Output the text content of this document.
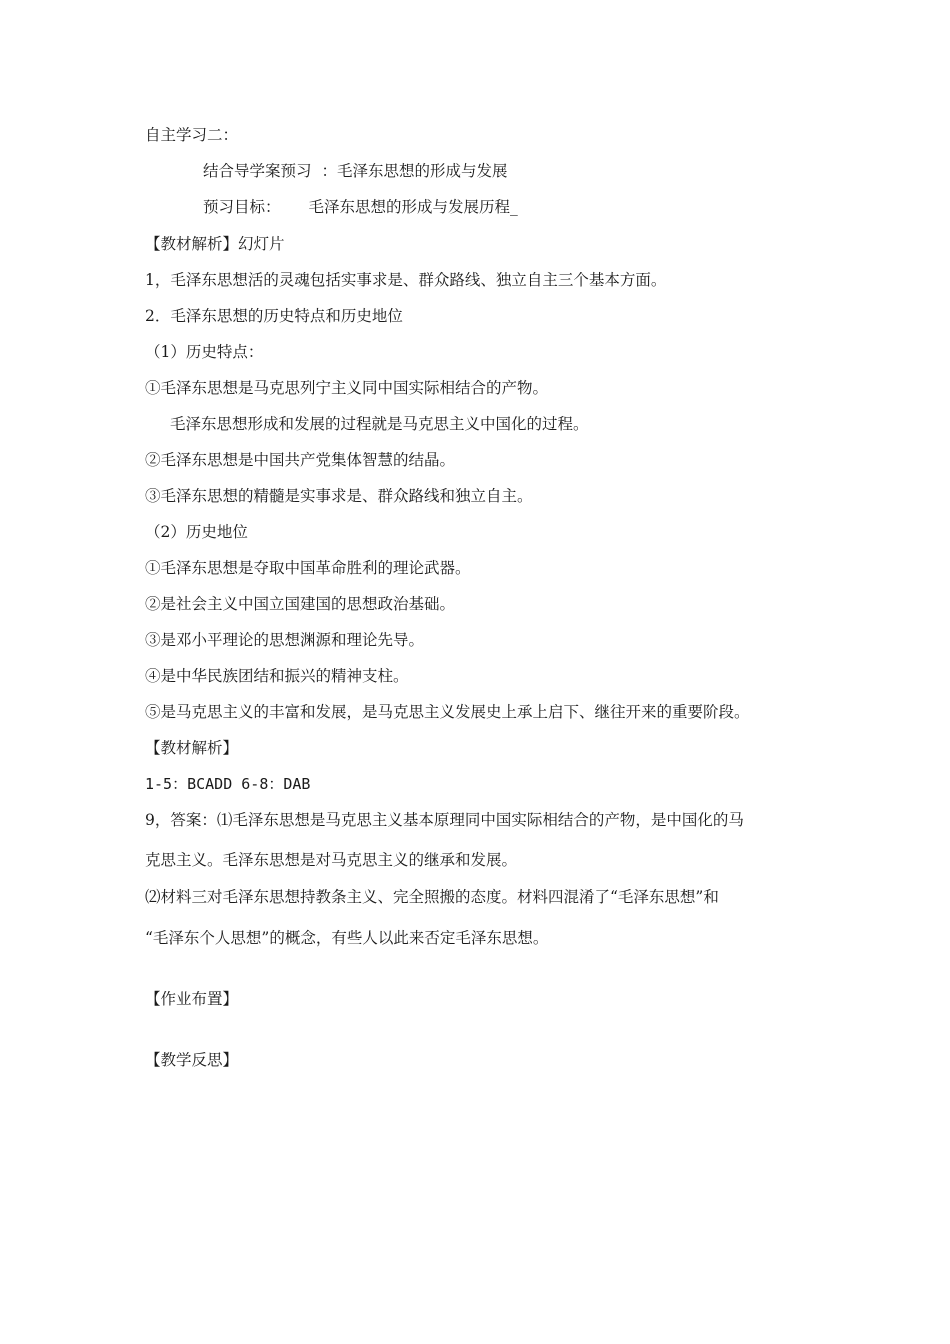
自主学习二：
结合导学案预习 ：毛泽东思想的形成与发展
预习目标： 毛泽东思想的形成与发展历程_
【教材解析】幻灯片
1，毛泽东思想活的灵魂包括实事求是、群众路线、独立自主三个基本方面。
2．毛泽东思想的历史特点和历史地位
（1）历史特点：
①毛泽东思想是马克思列宁主义同中国实际相结合的产物。
毛泽东思想形成和发展的过程就是马克思主义中国化的过程。
②毛泽东思想是中国共产党集体智慧的结晶。
③毛泽东思想的精髓是实事求是、群众路线和独立自主。
（2）历史地位
①毛泽东思想是夺取中国革命胜利的理论武器。
②是社会主义中国立国建国的思想政治基础。
③是邓小平理论的思想渊源和理论先导。
④是中华民族团结和振兴的精神支柱。
⑤是马克思主义的丰富和发展，是马克思主义发展史上承上启下、继往开来的重要阶段。
【教材解析】
1-5：BCADD 6-8：DAB
9，答案：⑴毛泽东思想是马克思主义基本原理同中国实际相结合的产物，是中国化的马
克思主义。毛泽东思想是对马克思主义的继承和发展。
⑵材料三对毛泽东思想持教条主义、完全照搬的态度。材料四混淆了“毛泽东思想”和
“毛泽东个人思想”的概念，有些人以此来否定毛泽东思想。
【作业布置】
【教学反思】
